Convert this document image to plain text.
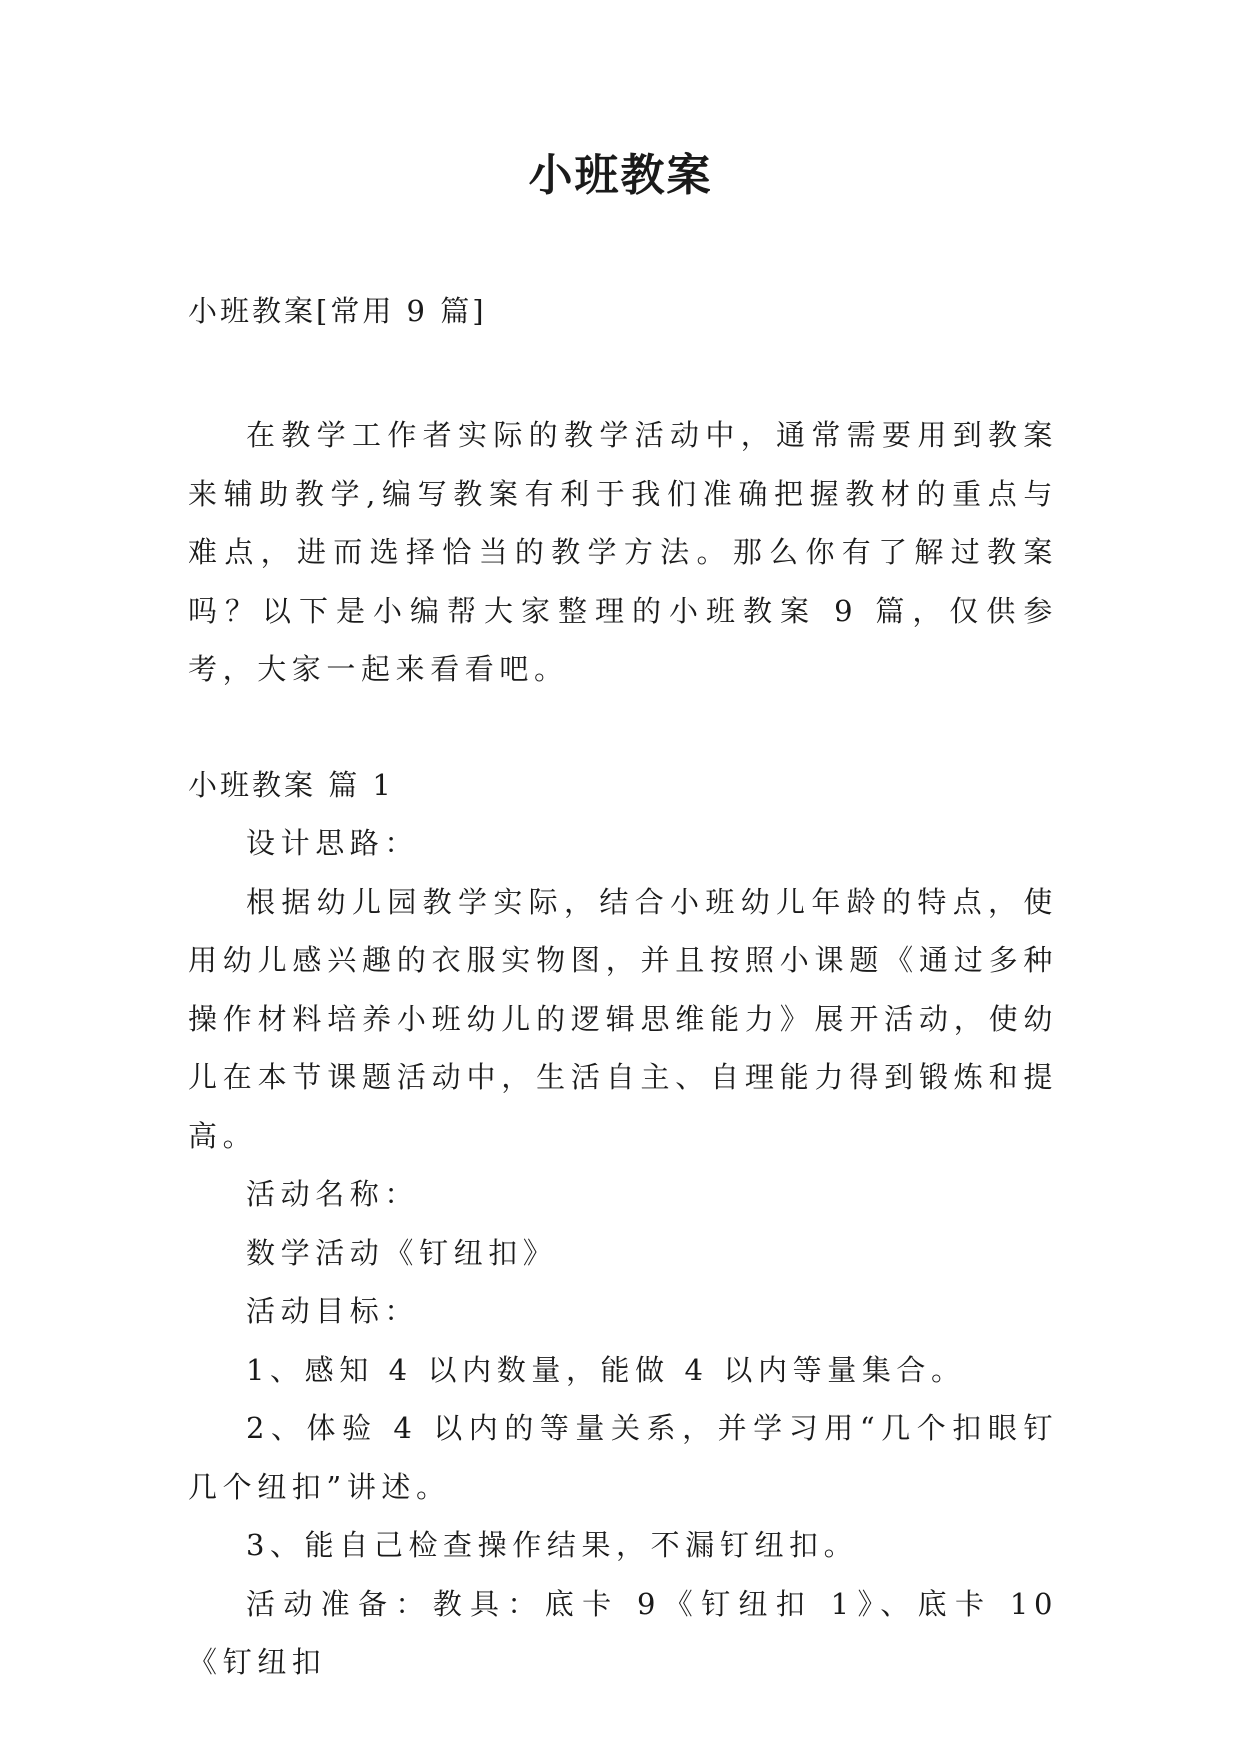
小班教案

小班教案[常用 9 篇]

在教学工作者实际的教学活动中，通常需要用到教案来辅助教学,编写教案有利于我们准确把握教材的重点与难点，进而选择恰当的教学方法。那么你有了解过教案吗？以下是小编帮大家整理的小班教案 9 篇，仅供参考，大家一起来看看吧。

小班教案 篇 1

设计思路：

根据幼儿园教学实际，结合小班幼儿年龄的特点，使用幼儿感兴趣的衣服实物图，并且按照小课题《通过多种操作材料培养小班幼儿的逻辑思维能力》展开活动，使幼儿在本节课题活动中，生活自主、自理能力得到锻炼和提高。

活动名称：

数学活动《钉纽扣》

活动目标：

1、感知 4 以内数量，能做 4 以内等量集合。

2、体验 4 以内的等量关系，并学习用“几个扣眼钉几个纽扣”讲述。

3、能自己检查操作结果，不漏钉纽扣。

活动准备：教具：底卡 9《钉纽扣 1》、底卡 10《钉纽扣
